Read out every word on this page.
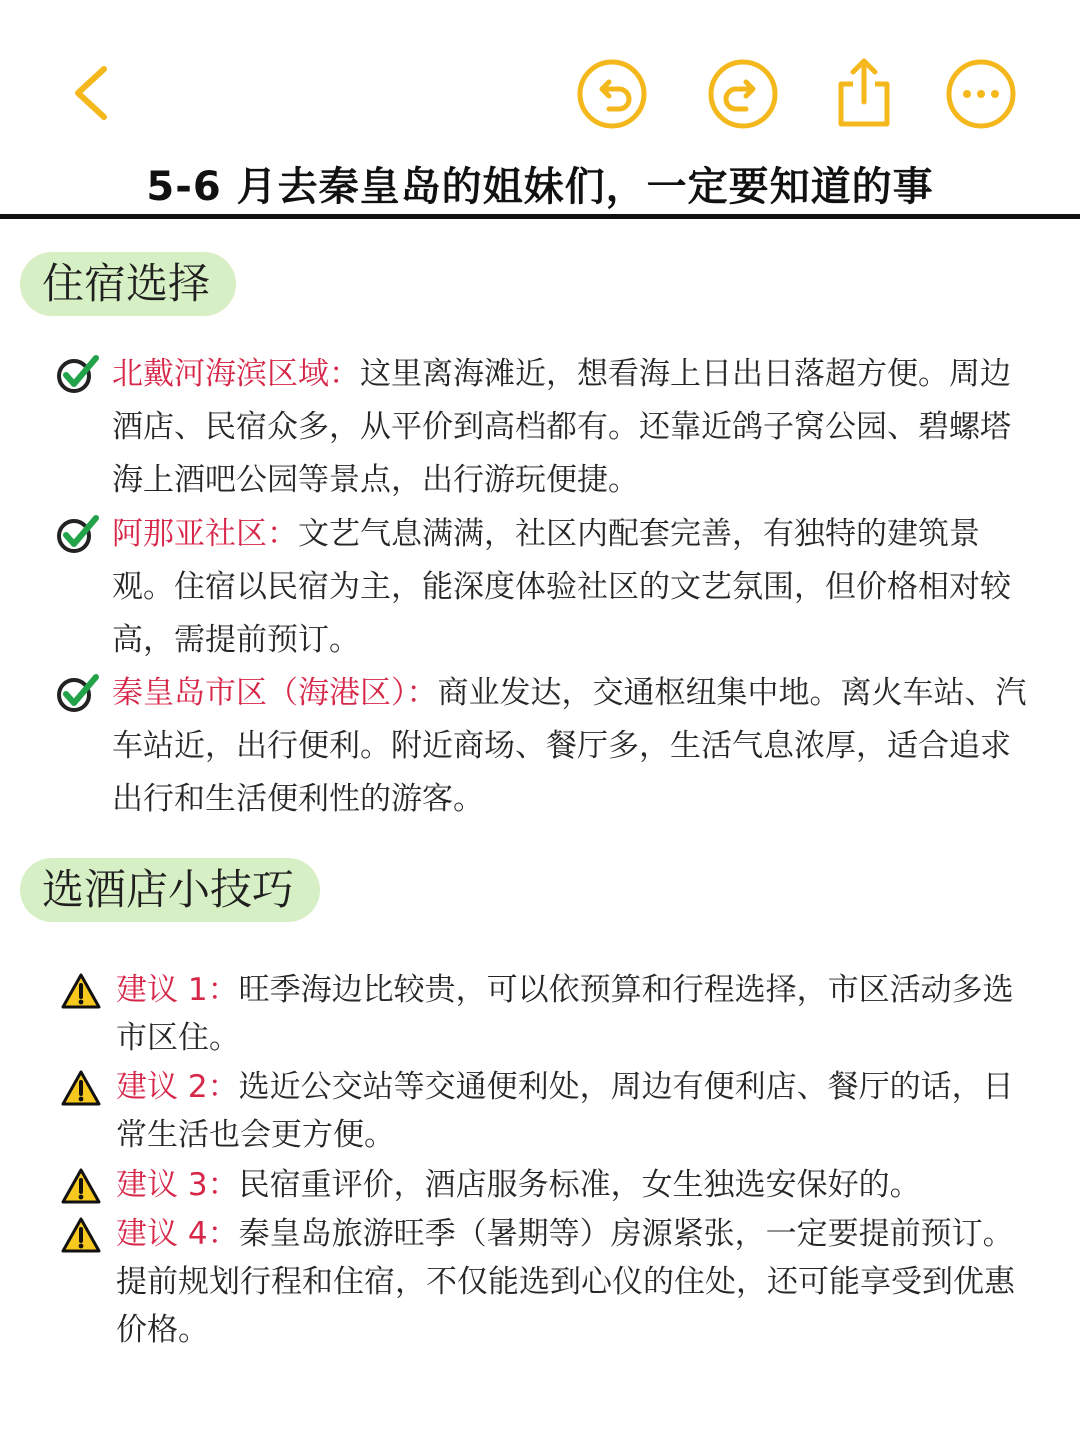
5-6 月去秦皇岛的姐妹们，一定要知道的事
住宿选择
北戴河海滨区域：这里离海滩近，想看海上日出日落超方便。周边酒店、民宿众多，从平价到高档都有。还靠近鸽子窝公园、碧螺塔海上酒吧公园等景点，出行游玩便捷。
阿那亚社区：文艺气息满满，社区内配套完善，有独特的建筑景观。住宿以民宿为主，能深度体验社区的文艺氛围，但价格相对较高，需提前预订。
秦皇岛市区（海港区）：商业发达，交通枢纽集中地。离火车站、汽车站近，出行便利。附近商场、餐厅多，生活气息浓厚，适合追求出行和生活便利性的游客。
选酒店小技巧
建议 1：旺季海边比较贵，可以依预算和行程选择，市区活动多选市区住。
建议 2：选近公交站等交通便利处，周边有便利店、餐厅的话，日常生活也会更方便。
建议 3：民宿重评价，酒店服务标准，女生独选安保好的。
建议 4：秦皇岛旅游旺季（暑期等）房源紧张，一定要提前预订。提前规划行程和住宿，不仅能选到心仪的住处，还可能享受到优惠价格。
